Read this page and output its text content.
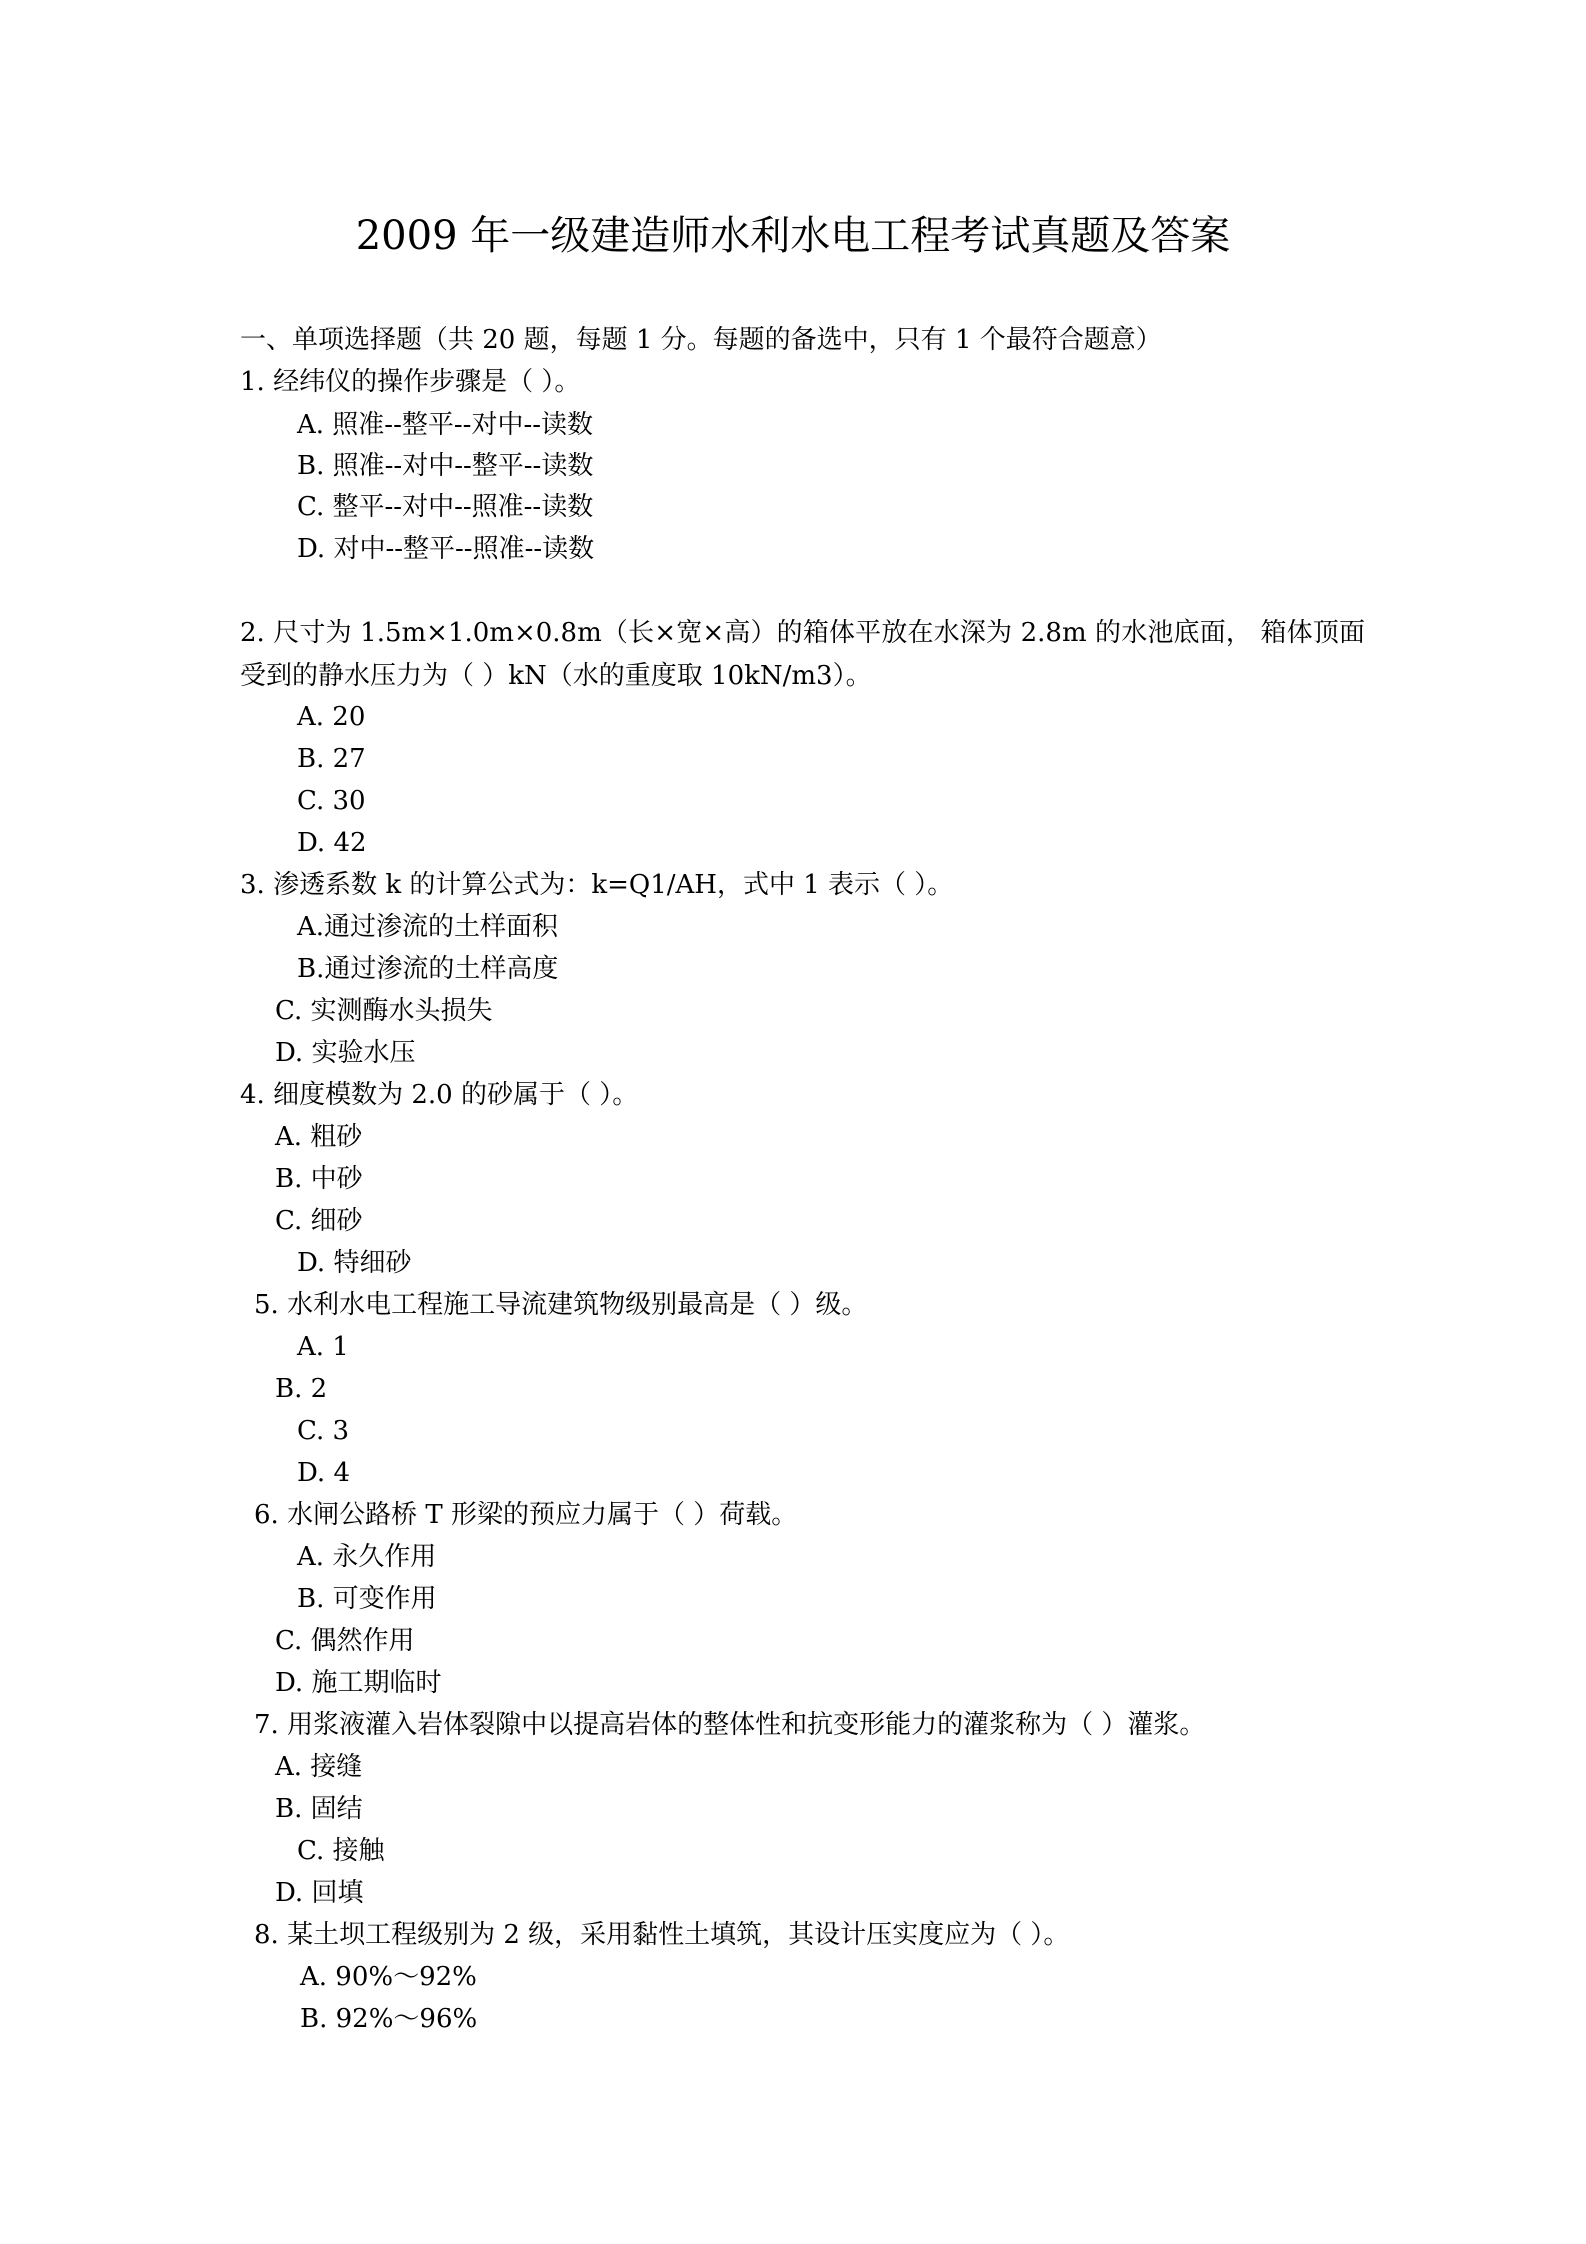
2009 年一级建造师水利水电工程考试真题及答案
一、单项选择题（共 20 题，每题 1 分。每题的备选中，只有 1 个最符合题意）
1. 经纬仪的操作步骤是（ ）。
A. 照准--整平--对中--读数
B. 照准--对中--整平--读数
C. 整平--对中--照准--读数
D. 对中--整平--照准--读数
2. 尺寸为 1.5m×1.0m×0.8m（长×宽×高）的箱体平放在水深为 2.8m 的水池底面， 箱体顶面受到的静水压力为（ ）kN（水的重度取 10kN/m3）。
A. 20
B. 27
C. 30
D. 42
3. 渗透系数 k 的计算公式为：k=Q1/AH，式中 1 表示（ ）。
A.通过渗流的土样面积
B.通过渗流的土样高度
C. 实测酶水头损失
D. 实验水压
4. 细度模数为 2.0 的砂属于（ ）。
A. 粗砂
B. 中砂
C. 细砂
D. 特细砂
5. 水利水电工程施工导流建筑物级别最高是（ ）级。
A. 1
B. 2
C. 3
D. 4
6. 水闸公路桥 T 形梁的预应力属于（ ）荷载。
A. 永久作用
B. 可变作用
C. 偶然作用
D. 施工期临时
7. 用浆液灌入岩体裂隙中以提高岩体的整体性和抗变形能力的灌浆称为（ ）灌浆。
A. 接缝
B. 固结
C. 接触
D. 回填
8. 某土坝工程级别为 2 级，采用黏性土填筑，其设计压实度应为（ ）。
A. 90%～92%
B. 92%～96%
